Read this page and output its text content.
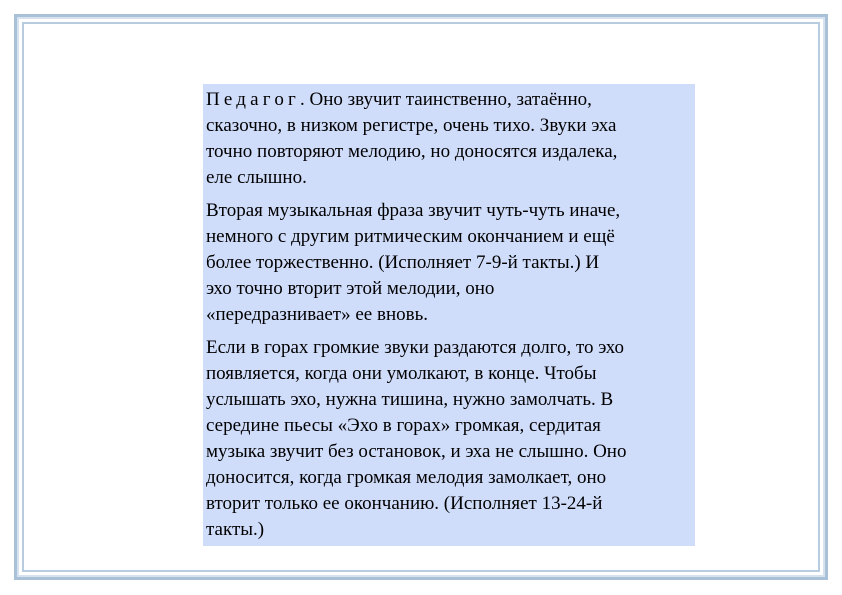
Педагог. Оно звучит таинственно, затаённо,
сказочно, в низком регистре, очень тихо. Звуки эха
точно повторяют мелодию, но доносятся издалека,
еле слышно.

Вторая музыкальная фраза звучит чуть-чуть иначе,
немного с другим ритмическим окончанием и ещё
более торжественно. (Исполняет 7-9-й такты.) И
эхо точно вторит этой мелодии, оно
«передразнивает» ее вновь.

Если в горах громкие звуки раздаются долго, то эхо
появляется, когда они умолкают, в конце. Чтобы
услышать эхо, нужна тишина, нужно замолчать. В
середине пьесы «Эхо в горах» громкая, сердитая
музыка звучит без остановок, и эха не слышно. Оно
доносится, когда громкая мелодия замолкает, оно
вторит только ее окончанию. (Исполняет 13-24-й
такты.)
